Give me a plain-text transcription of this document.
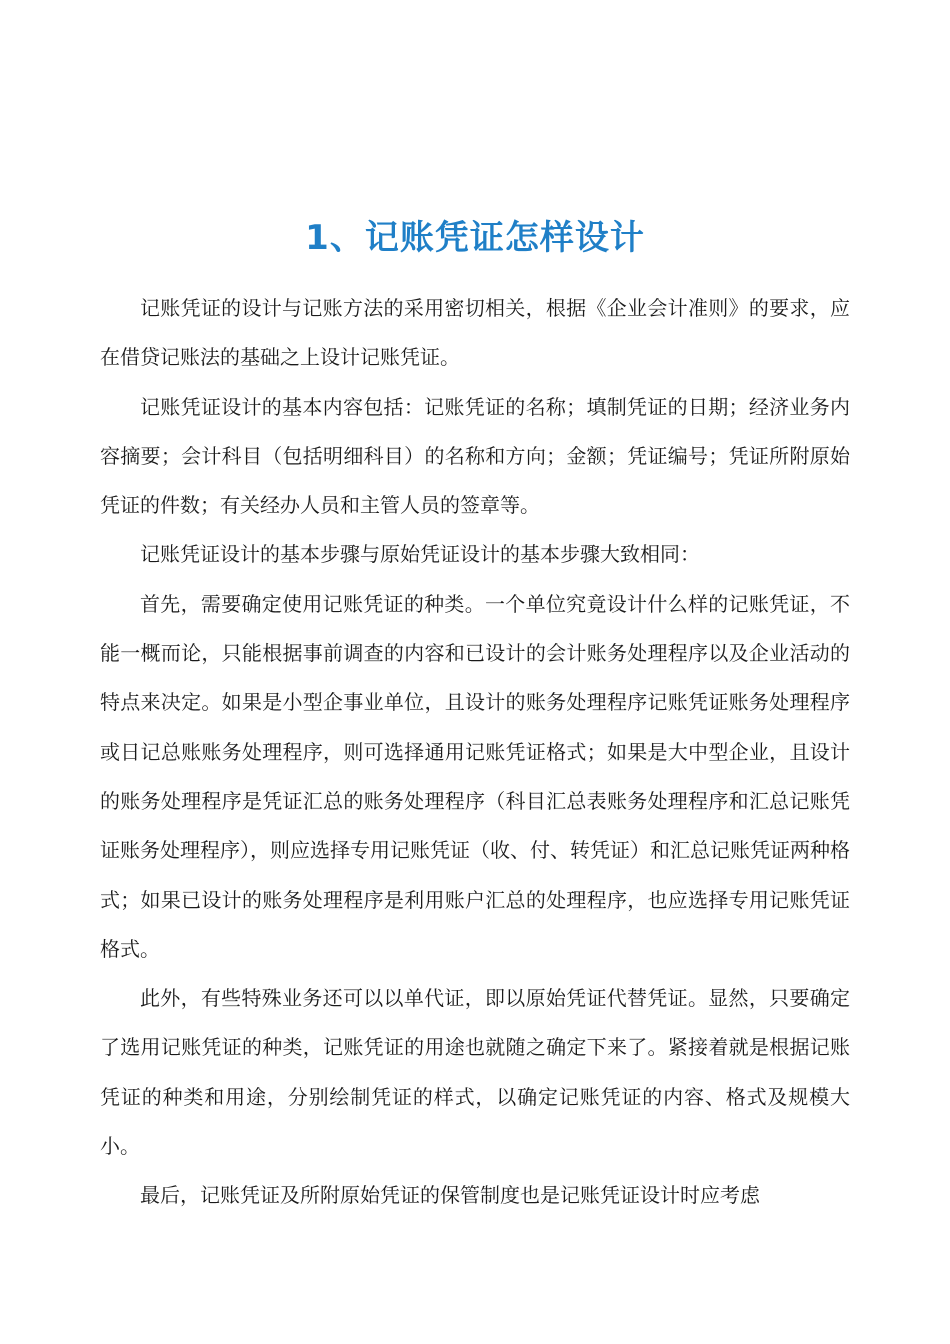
1、记账凭证怎样设计

记账凭证的设计与记账方法的采用密切相关，根据《企业会计准则》的要求，应在借贷记账法的基础之上设计记账凭证。

记账凭证设计的基本内容包括：记账凭证的名称；填制凭证的日期；经济业务内容摘要；会计科目（包括明细科目）的名称和方向；金额；凭证编号；凭证所附原始凭证的件数；有关经办人员和主管人员的签章等。

记账凭证设计的基本步骤与原始凭证设计的基本步骤大致相同：

首先，需要确定使用记账凭证的种类。一个单位究竟设计什么样的记账凭证，不能一概而论，只能根据事前调查的内容和已设计的会计账务处理程序以及企业活动的特点来决定。如果是小型企事业单位，且设计的账务处理程序记账凭证账务处理程序或日记总账账务处理程序，则可选择通用记账凭证格式；如果是大中型企业，且设计的账务处理程序是凭证汇总的账务处理程序（科目汇总表账务处理程序和汇总记账凭证账务处理程序），则应选择专用记账凭证（收、付、转凭证）和汇总记账凭证两种格式；如果已设计的账务处理程序是利用账户汇总的处理程序，也应选择专用记账凭证格式。

此外，有些特殊业务还可以以单代证，即以原始凭证代替凭证。显然，只要确定了选用记账凭证的种类，记账凭证的用途也就随之确定下来了。紧接着就是根据记账凭证的种类和用途，分别绘制凭证的样式，以确定记账凭证的内容、格式及规模大小。

最后，记账凭证及所附原始凭证的保管制度也是记账凭证设计时应考虑
